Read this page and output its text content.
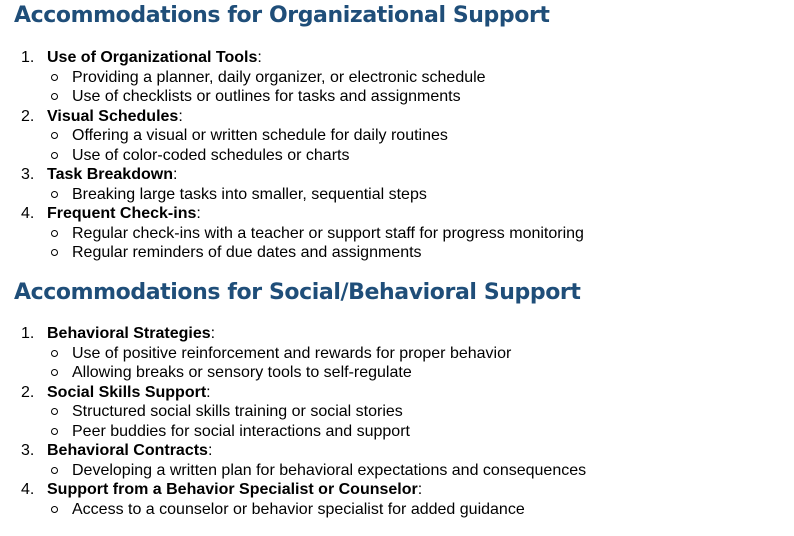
Accommodations for Organizational Support
1. Use of Organizational Tools:
Providing a planner, daily organizer, or electronic schedule
Use of checklists or outlines for tasks and assignments
2. Visual Schedules:
Offering a visual or written schedule for daily routines
Use of color-coded schedules or charts
3. Task Breakdown:
Breaking large tasks into smaller, sequential steps
4. Frequent Check-ins:
Regular check-ins with a teacher or support staff for progress monitoring
Regular reminders of due dates and assignments
Accommodations for Social/Behavioral Support
1. Behavioral Strategies:
Use of positive reinforcement and rewards for proper behavior
Allowing breaks or sensory tools to self-regulate
2. Social Skills Support:
Structured social skills training or social stories
Peer buddies for social interactions and support
3. Behavioral Contracts:
Developing a written plan for behavioral expectations and consequences
4. Support from a Behavior Specialist or Counselor:
Access to a counselor or behavior specialist for added guidance
